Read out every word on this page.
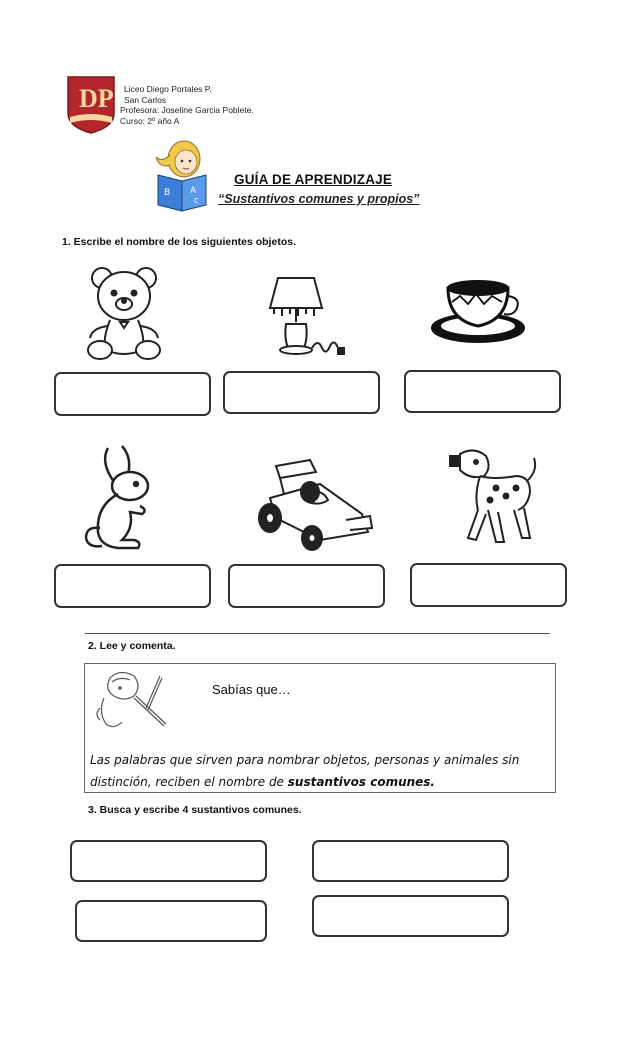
DP	Liceo Diego Portales P.
San Carlos
Profesora: Joseline Garcia Poblete.
Curso: 2º año A
B A
C
GUÍA DE APRENDIZAJE
“Sustantivos comunes y propios”
1. Escribe el nombre de los siguientes objetos.
2. Lee y comenta.
Sabías que…
Las palabras que sirven para nombrar objetos, personas y animales sin
distinción, reciben el nombre de sustantivos comunes.
3. Busca y escribe 4 sustantivos comunes.
